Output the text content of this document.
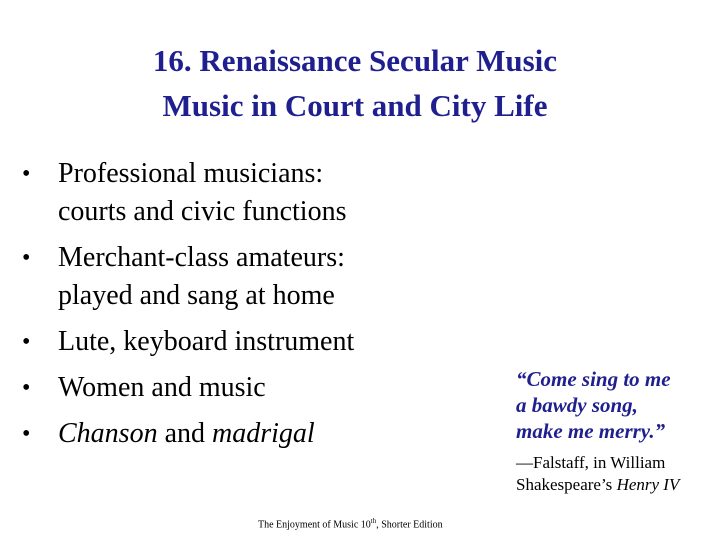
16. Renaissance Secular Music
Music in Court and City Life
• Professional musicians:
courts and civic functions
• Merchant-class amateurs:
played and sang at home
• Lute, keyboard instrument
• Women and music
• Chanson and madrigal
“Come sing to me
a bawdy song,
make me merry.”
—Falstaff, in William
Shakespeare’s Henry IV
The Enjoyment of Music 10th, Shorter Edition
